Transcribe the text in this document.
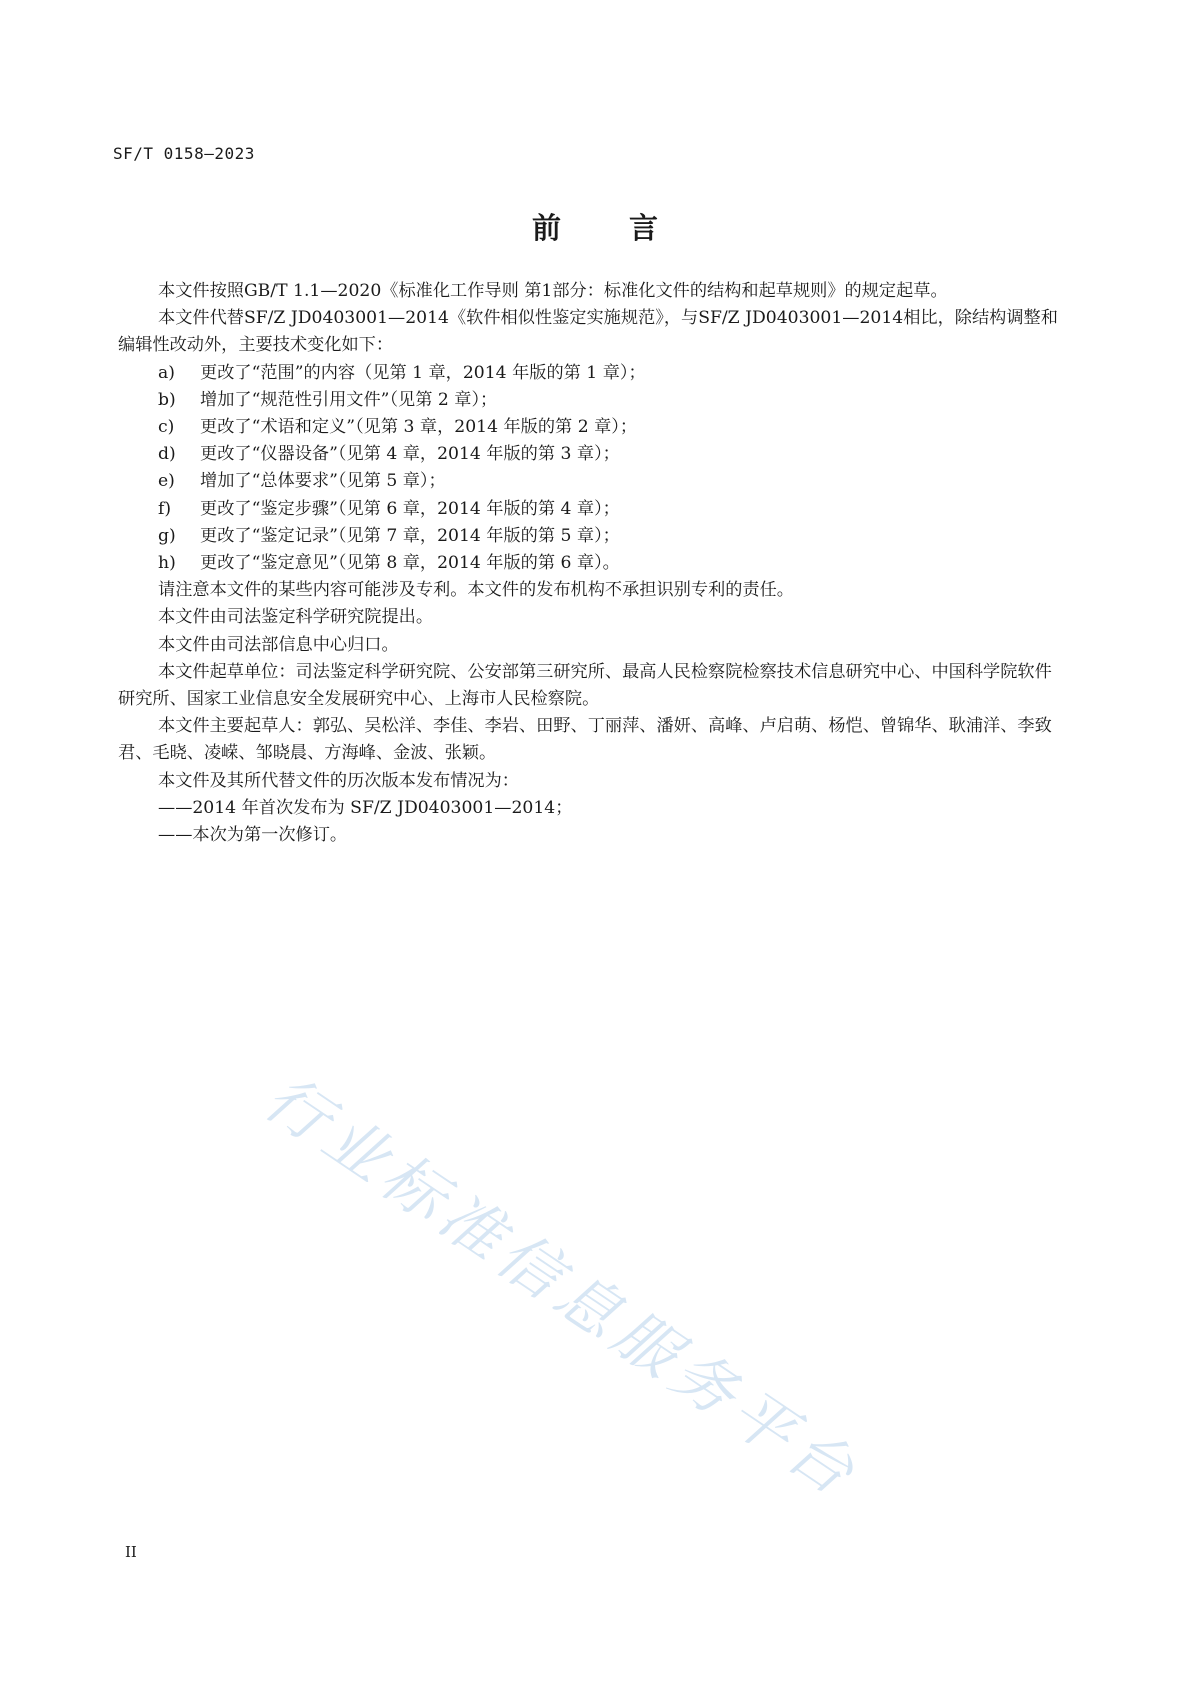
SF/T 0158—2023
前 言

本文件按照GB/T 1.1—2020《标准化工作导则 第1部分：标准化文件的结构和起草规则》的规定起草。

本文件代替SF/Z JD0403001—2014《软件相似性鉴定实施规范》，与SF/Z JD0403001—2014相比，除结构调整和编辑性改动外，主要技术变化如下：

a) 更改了“范围”的内容（见第 1 章，2014 年版的第 1 章）；
b) 增加了“规范性引用文件”（见第 2 章）；
c) 更改了“术语和定义”（见第 3 章，2014 年版的第 2 章）；
d) 更改了“仪器设备”（见第 4 章，2014 年版的第 3 章）；
e) 增加了“总体要求”（见第 5 章）；
f) 更改了“鉴定步骤”（见第 6 章，2014 年版的第 4 章）；
g) 更改了“鉴定记录”（见第 7 章，2014 年版的第 5 章）；
h) 更改了“鉴定意见”（见第 8 章，2014 年版的第 6 章）。

请注意本文件的某些内容可能涉及专利。本文件的发布机构不承担识别专利的责任。

本文件由司法鉴定科学研究院提出。

本文件由司法部信息中心归口。

本文件起草单位：司法鉴定科学研究院、公安部第三研究所、最高人民检察院检察技术信息研究中心、中国科学院软件研究所、国家工业信息安全发展研究中心、上海市人民检察院。

本文件主要起草人：郭弘、吴松洋、李佳、李岩、田野、丁丽萍、潘妍、高峰、卢启萌、杨恺、曾锦华、耿浦洋、李致君、毛晓、凌嵘、邹晓晨、方海峰、金波、张颖。

本文件及其所代替文件的历次版本发布情况为：

——2014 年首次发布为 SF/Z JD0403001—2014；
——本次为第一次修订。
行业标准信息服务平台
II
